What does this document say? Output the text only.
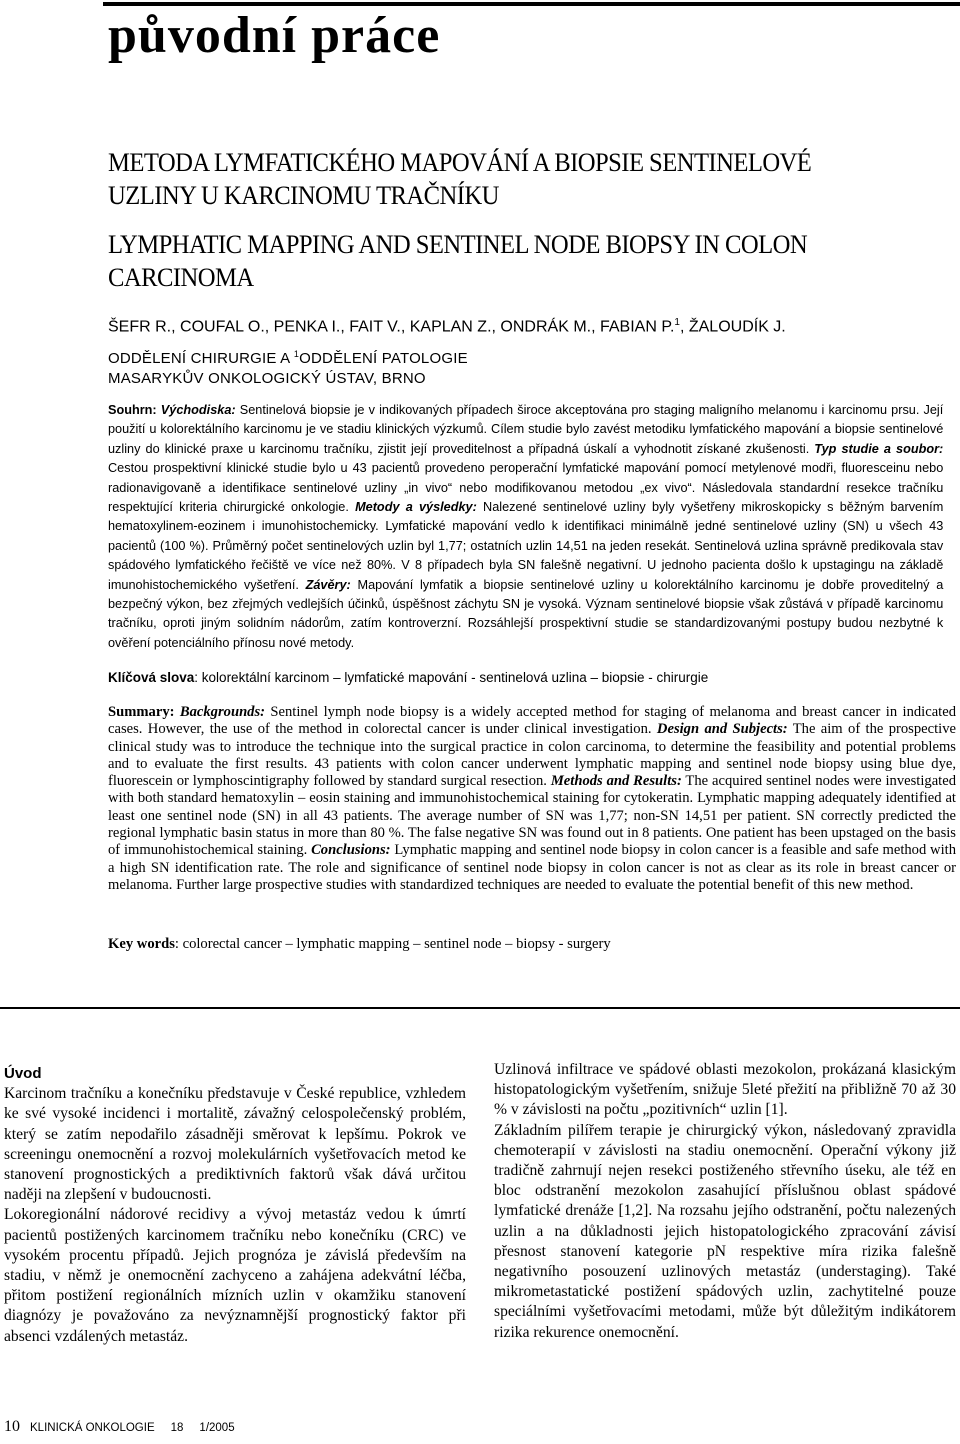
původní práce
METODA LYMFATICKÉHO MAPOVÁNÍ A BIOPSIE SENTINELOVÉ UZLINY U KARCINOMU TRAČNÍKU
LYMPHATIC MAPPING AND SENTINEL NODE BIOPSY IN COLON CARCINOMA
ŠEFR R., COUFAL O., PENKA I., FAIT V., KAPLAN Z., ONDRÁK M., FABIAN P.$^1$, ŽALOUDÍK J.
ODDĚLENÍ CHIRURGIE A $^1$ODDĚLENÍ PATOLOGIE
MASARYKŮV ONKOLOGICKÝ ÚSTAV, BRNO

Souhrn: Východiska: Sentinelová biopsie je v indikovaných případech široce akceptována pro staging maligního melanomu i karcinomu prsu. Její použití u kolorektálního karcinomu je ve stadiu klinických výzkumů. Cílem studie bylo zavést metodiku lymfatického mapování a biopsie sentinelové uzliny do klinické praxe u karcinomu tračníku, zjistit její proveditelnost a případná úskalí a vyhodnotit získané zkušenosti. Typ studie a soubor: Cestou prospektivní klinické studie bylo u 43 pacientů provedeno peroperační lymfatické mapování pomocí metylenové modři, fluoresceinu nebo radionavigovaně a identifikace sentinelové uzliny „in vivo“ nebo modifikovanou metodou „ex vivo“. Následovala standardní resekce tračníku respektující kriteria chirurgické onkologie. Metody a výsledky: Nalezené sentinelové uzliny byly vyšetřeny mikroskopicky s běžným barvením hematoxylinem-eozinem i imunohistochemicky. Lymfatické mapování vedlo k identifikaci minimálně jedné sentinelové uzliny (SN) u všech 43 pacientů (100 %). Průměrný počet sentinelových uzlin byl 1,77; ostatních uzlin 14,51 na jeden resekát. Sentinelová uzlina správně predikovala stav spádového lymfatického řečiště ve více než 80%. V 8 případech byla SN falešně negativní. U jednoho pacienta došlo k upstagingu na základě imunohistochemického vyšetření. Závěry: Mapování lymfatik a biopsie sentinelové uzliny u kolorektálního karcinomu je dobře proveditelný a bezpečný výkon, bez zřejmých vedlejších účinků, úspěšnost záchytu SN je vysoká. Význam sentinelové biopsie však zůstává v případě karcinomu tračníku, oproti jiným solidním nádorům, zatím kontroverzní. Rozsáhlejší prospektivní studie se standardizovanými postupy budou nezbytné k ověření potenciálního přínosu nové metody.

Klíčová slova: kolorektální karcinom – lymfatické mapování - sentinelová uzlina – biopsie - chirurgie

Summary: Backgrounds: Sentinel lymph node biopsy is a widely accepted method for staging of melanoma and breast cancer in indicated cases. However, the use of the method in colorectal cancer is under clinical investigation. Design and Subjects: The aim of the prospective clinical study was to introduce the technique into the surgical practice in colon carcinoma, to determine the feasibility and potential problems and to evaluate the first results. 43 patients with colon cancer underwent lymphatic mapping and sentinel node biopsy using blue dye, fluorescein or lymphoscintigraphy followed by standard surgical resection. Methods and Results: The acquired sentinel nodes were investigated with both standard hematoxylin – eosin staining and immunohistochemical staining for cytokeratin. Lymphatic mapping adequately identified at least one sentinel node (SN) in all 43 patients. The average number of SN was 1,77; non-SN 14,51 per patient. SN correctly predicted the regional lymphatic basin status in more than 80 %. The false negative SN was found out in 8 patients. One patient has been upstaged on the basis of immunohistochemical staining. Conclusions: Lymphatic mapping and sentinel node biopsy in colon cancer is a feasible and safe method with a high SN identification rate. The role and significance of sentinel node biopsy in colon cancer is not as clear as its role in breast cancer or melanoma. Further large prospective studies with standardized techniques are needed to evaluate the potential benefit of this new method.

Key words: colorectal cancer – lymphatic mapping – sentinel node – biopsy - surgery

Úvod

Karcinom tračníku a konečníku představuje v České republice, vzhledem ke své vysoké incidenci i mortalitě, závažný celospolečenský problém, který se zatím nepodařilo zásadněji směrovat k lepšímu. Pokrok ve screeningu onemocnění a rozvoj molekulárních vyšetřovacích metod ke stanovení prognostických a prediktivních faktorů však dává určitou naději na zlepšení v budoucnosti.

Lokoregionální nádorové recidivy a vývoj metastáz vedou k úmrtí pacientů postižených karcinomem tračníku nebo konečníku (CRC) ve vysokém procentu případů. Jejich prognóza je závislá především na stadiu, v němž je onemocnění zachyceno a zahájena adekvátní léčba, přitom postižení regionálních mízních uzlin v okamžiku stanovení diagnózy je považováno za nevýznamnější prognostický faktor při absenci vzdálených metastáz.

Uzlinová infiltrace ve spádové oblasti mezokolon, prokázaná klasickým histopatologickým vyšetřením, snižuje 5leté přežití na přibližně 70 až 30 % v závislosti na počtu „pozitivních“ uzlin [1].

Základním pilířem terapie je chirurgický výkon, následovaný zpravidla chemoterapií v závislosti na stadiu onemocnění. Operační výkony již tradičně zahrnují nejen resekci postiženého střevního úseku, ale též en bloc odstranění mezokolon zasahující příslušnou oblast spádové lymfatické drenáže [1,2]. Na rozsahu jejího odstranění, počtu nalezených uzlin a na důkladnosti jejich histopatologického zpracování závisí přesnost stanovení kategorie pN respektive míra rizika falešně negativního posouzení uzlinových metastáz (understaging). Také mikrometastatické postižení spádových uzlin, zachytitelné pouze speciálními vyšetřovacími metodami, může být důležitým indikátorem rizika rekurence onemocnění.

10 KLINICKÁ ONKOLOGIE 18 1/2005
